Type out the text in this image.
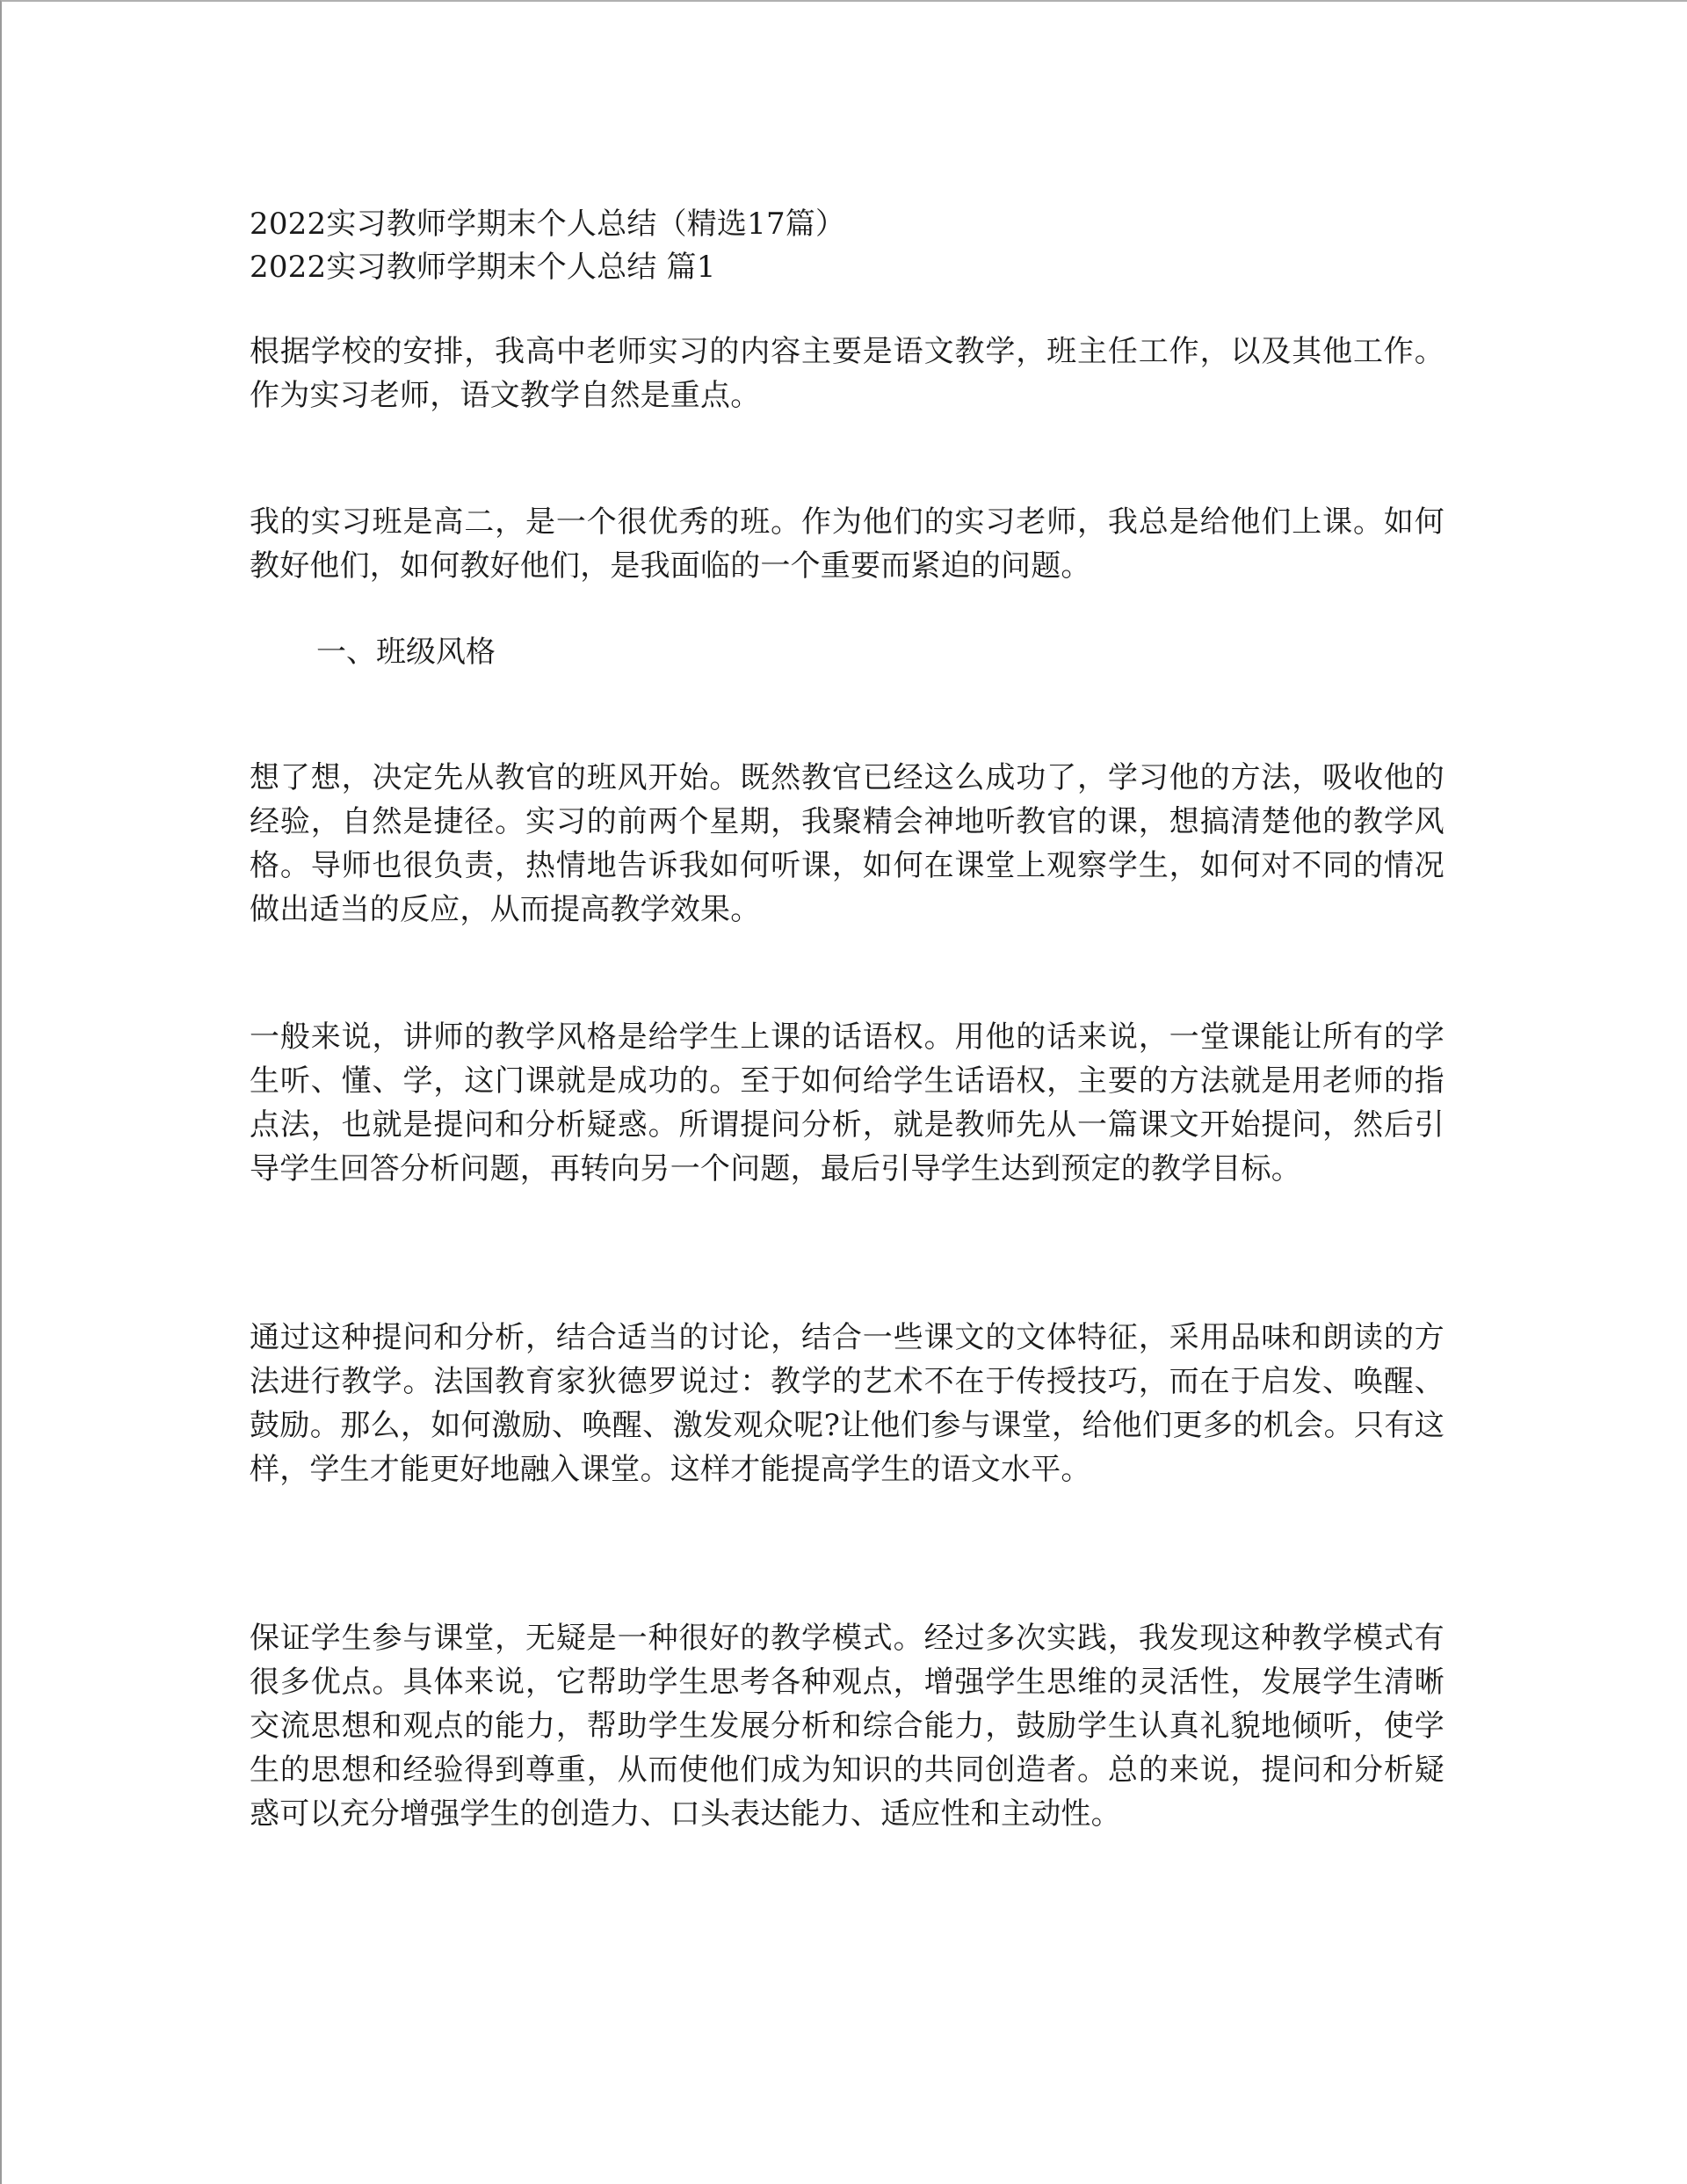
2022实习教师学期末个人总结（精选17篇）
2022实习教师学期末个人总结 篇1
根据学校的安排，我高中老师实习的内容主要是语文教学，班主任工作，以及其他工作。作为实习老师，语文教学自然是重点。
我的实习班是高二，是一个很优秀的班。作为他们的实习老师，我总是给他们上课。如何教好他们，如何教好他们，是我面临的一个重要而紧迫的问题。
一、班级风格
想了想，决定先从教官的班风开始。既然教官已经这么成功了，学习他的方法，吸收他的经验，自然是捷径。实习的前两个星期，我聚精会神地听教官的课，想搞清楚他的教学风格。导师也很负责，热情地告诉我如何听课，如何在课堂上观察学生，如何对不同的情况做出适当的反应，从而提高教学效果。
一般来说，讲师的教学风格是给学生上课的话语权。用他的话来说，一堂课能让所有的学生听、懂、学，这门课就是成功的。至于如何给学生话语权，主要的方法就是用老师的指点法，也就是提问和分析疑惑。所谓提问分析，就是教师先从一篇课文开始提问，然后引导学生回答分析问题，再转向另一个问题，最后引导学生达到预定的教学目标。
通过这种提问和分析，结合适当的讨论，结合一些课文的文体特征，采用品味和朗读的方法进行教学。法国教育家狄德罗说过：教学的艺术不在于传授技巧，而在于启发、唤醒、鼓励。那么，如何激励、唤醒、激发观众呢?让他们参与课堂，给他们更多的机会。只有这样，学生才能更好地融入课堂。这样才能提高学生的语文水平。
保证学生参与课堂，无疑是一种很好的教学模式。经过多次实践，我发现这种教学模式有很多优点。具体来说，它帮助学生思考各种观点，增强学生思维的灵活性，发展学生清晰交流思想和观点的能力，帮助学生发展分析和综合能力，鼓励学生认真礼貌地倾听，使学生的思想和经验得到尊重，从而使他们成为知识的共同创造者。总的来说，提问和分析疑惑可以充分增强学生的创造力、口头表达能力、适应性和主动性。
